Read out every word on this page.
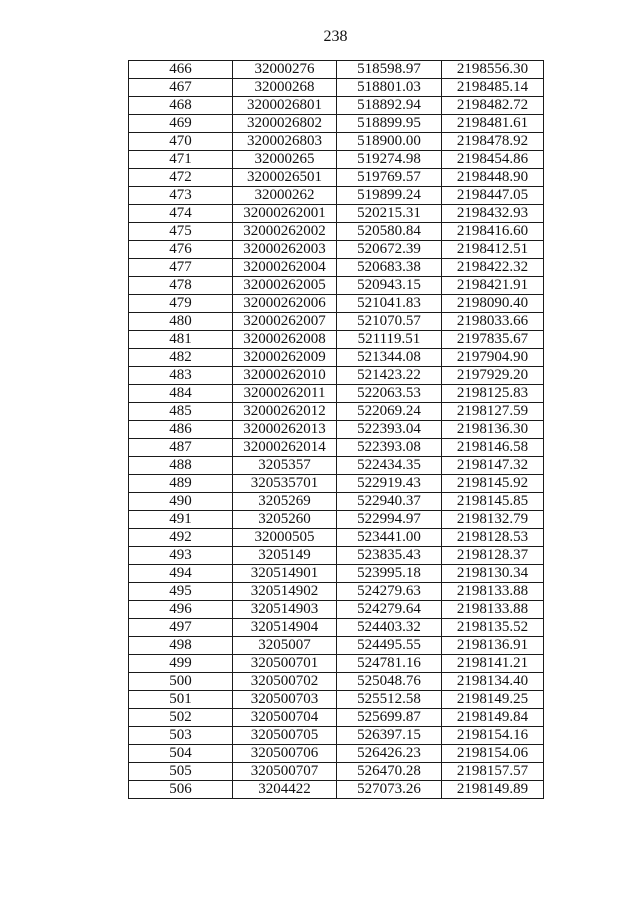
238
466	32000276	518598.97	2198556.30
467	32000268	518801.03	2198485.14
468	3200026801	518892.94	2198482.72
469	3200026802	518899.95	2198481.61
470	3200026803	518900.00	2198478.92
471	32000265	519274.98	2198454.86
472	3200026501	519769.57	2198448.90
473	32000262	519899.24	2198447.05
474	32000262001	520215.31	2198432.93
475	32000262002	520580.84	2198416.60
476	32000262003	520672.39	2198412.51
477	32000262004	520683.38	2198422.32
478	32000262005	520943.15	2198421.91
479	32000262006	521041.83	2198090.40
480	32000262007	521070.57	2198033.66
481	32000262008	521119.51	2197835.67
482	32000262009	521344.08	2197904.90
483	32000262010	521423.22	2197929.20
484	32000262011	522063.53	2198125.83
485	32000262012	522069.24	2198127.59
486	32000262013	522393.04	2198136.30
487	32000262014	522393.08	2198146.58
488	3205357	522434.35	2198147.32
489	320535701	522919.43	2198145.92
490	3205269	522940.37	2198145.85
491	3205260	522994.97	2198132.79
492	32000505	523441.00	2198128.53
493	3205149	523835.43	2198128.37
494	320514901	523995.18	2198130.34
495	320514902	524279.63	2198133.88
496	320514903	524279.64	2198133.88
497	320514904	524403.32	2198135.52
498	3205007	524495.55	2198136.91
499	320500701	524781.16	2198141.21
500	320500702	525048.76	2198134.40
501	320500703	525512.58	2198149.25
502	320500704	525699.87	2198149.84
503	320500705	526397.15	2198154.16
504	320500706	526426.23	2198154.06
505	320500707	526470.28	2198157.57
506	3204422	527073.26	2198149.89
